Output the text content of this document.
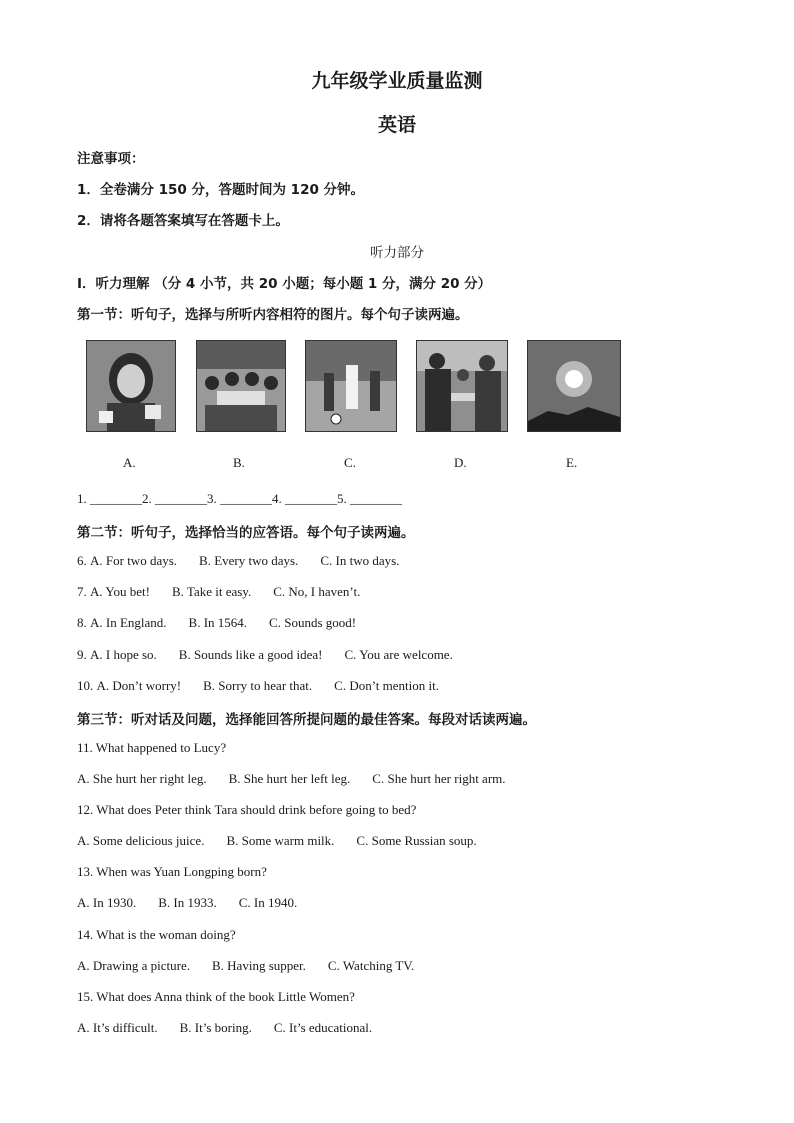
九年级学业质量监测
英语
注意事项：
1．全卷满分 150 分，答题时间为 120 分钟。
2．请将各题答案填写在答题卡上。
听力部分
Ⅰ．听力理解 （分 4 小节，共 20 小题；每小题 1 分，满分 20 分）
第一节：听句子，选择与所听内容相符的图片。每个句子读两遍。
A.	B.	C.	D.	E.
1. ________2. ________3. ________4. ________5. ________
第二节：听句子，选择恰当的应答语。每个句子读两遍。
6. A. For two days. B. Every two days. C. In two days.
7. A. You bet! B. Take it easy. C. No, I haven’t.
8. A. In England. B. In 1564. C. Sounds good!
9. A. I hope so. B. Sounds like a good idea! C. You are welcome.
10. A. Don’t worry! B. Sorry to hear that. C. Don’t mention it.
第三节：听对话及问题，选择能回答所提问题的最佳答案。每段对话读两遍。
11. What happened to Lucy?
A. She hurt her right leg. B. She hurt her left leg. C. She hurt her right arm.
12. What does Peter think Tara should drink before going to bed?
A. Some delicious juice. B. Some warm milk. C. Some Russian soup.
13. When was Yuan Longping born?
A. In 1930. B. In 1933. C. In 1940.
14. What is the woman doing?
A. Drawing a picture. B. Having supper. C. Watching TV.
15. What does Anna think of the book Little Women?
A. It’s difficult. B. It’s boring. C. It’s educational.
